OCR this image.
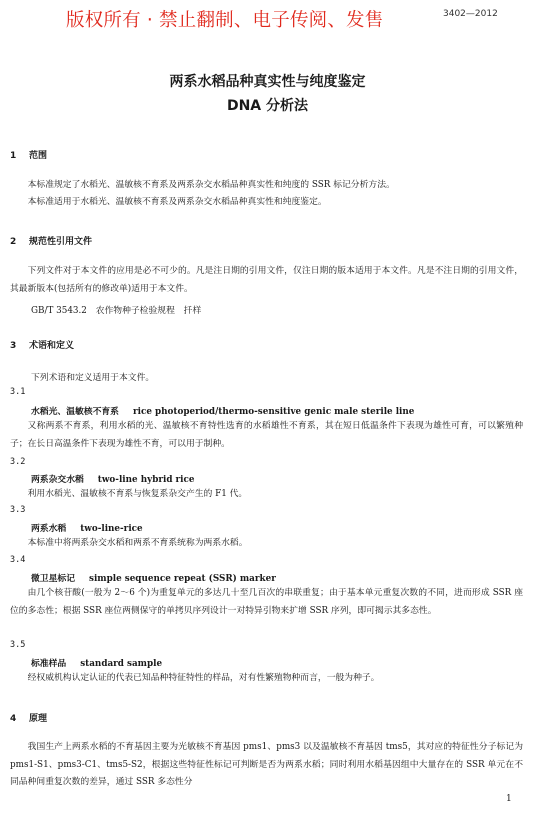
版权所有 · 禁止翻制、电子传阅、发售	3402—2012
两系水稻品种真实性与纯度鉴定
DNA 分析法
1 范围

本标准规定了水稻光、温敏核不育系及两系杂交水稻品种真实性和纯度的 SSR 标记分析方法。

本标准适用于水稻光、温敏核不育系及两系杂交水稻品种真实性和纯度鉴定。

2 规范性引用文件

下列文件对于本文件的应用是必不可少的。凡是注日期的引用文件，仅注日期的版本适用于本文件。凡是不注日期的引用文件，其最新版本(包括所有的修改单)适用于本文件。

GB/T 3543.2　农作物种子检验规程　扦样
3 术语和定义
下列术语和定义适用于本文件。
3.1
水稻光、温敏核不育系 rice photoperiod/thermo-sensitive genic male sterile line

又称两系不育系，利用水稻的光、温敏核不育特性选育的水稻雄性不育系，其在短日低温条件下表现为雄性可育，可以繁殖种子；在长日高温条件下表现为雄性不育，可以用于制种。

3.2
两系杂交水稻 two-line hybrid rice

利用水稻光、温敏核不育系与恢复系杂交产生的 F1 代。

3.3
两系水稻 two-line-rice

本标准中将两系杂交水稻和两系不育系统称为两系水稻。

3.4
微卫星标记 simple sequence repeat (SSR) marker

由几个核苷酸(一般为 2～6 个)为重复单元的多达几十至几百次的串联重复；由于基本单元重复次数的不同，进而形成 SSR 座位的多态性；根据 SSR 座位两侧保守的单拷贝序列设计一对特异引物来扩增 SSR 序列，即可揭示其多态性。

3.5
标准样品 standard sample

经权威机构认定认证的代表已知品种特征特性的样品，对有性繁殖物种而言，一般为种子。

4 原理

我国生产上两系水稻的不育基因主要为光敏核不育基因 pms1、pms3 以及温敏核不育基因 tms5，其对应的特征性分子标记为 pms1-S1、pms3-C1、tms5-S2，根据这些特征性标记可判断是否为两系水稻；同时利用水稻基因组中大量存在的 SSR 单元在不同品种间重复次数的差异，通过 SSR 多态性分

1
